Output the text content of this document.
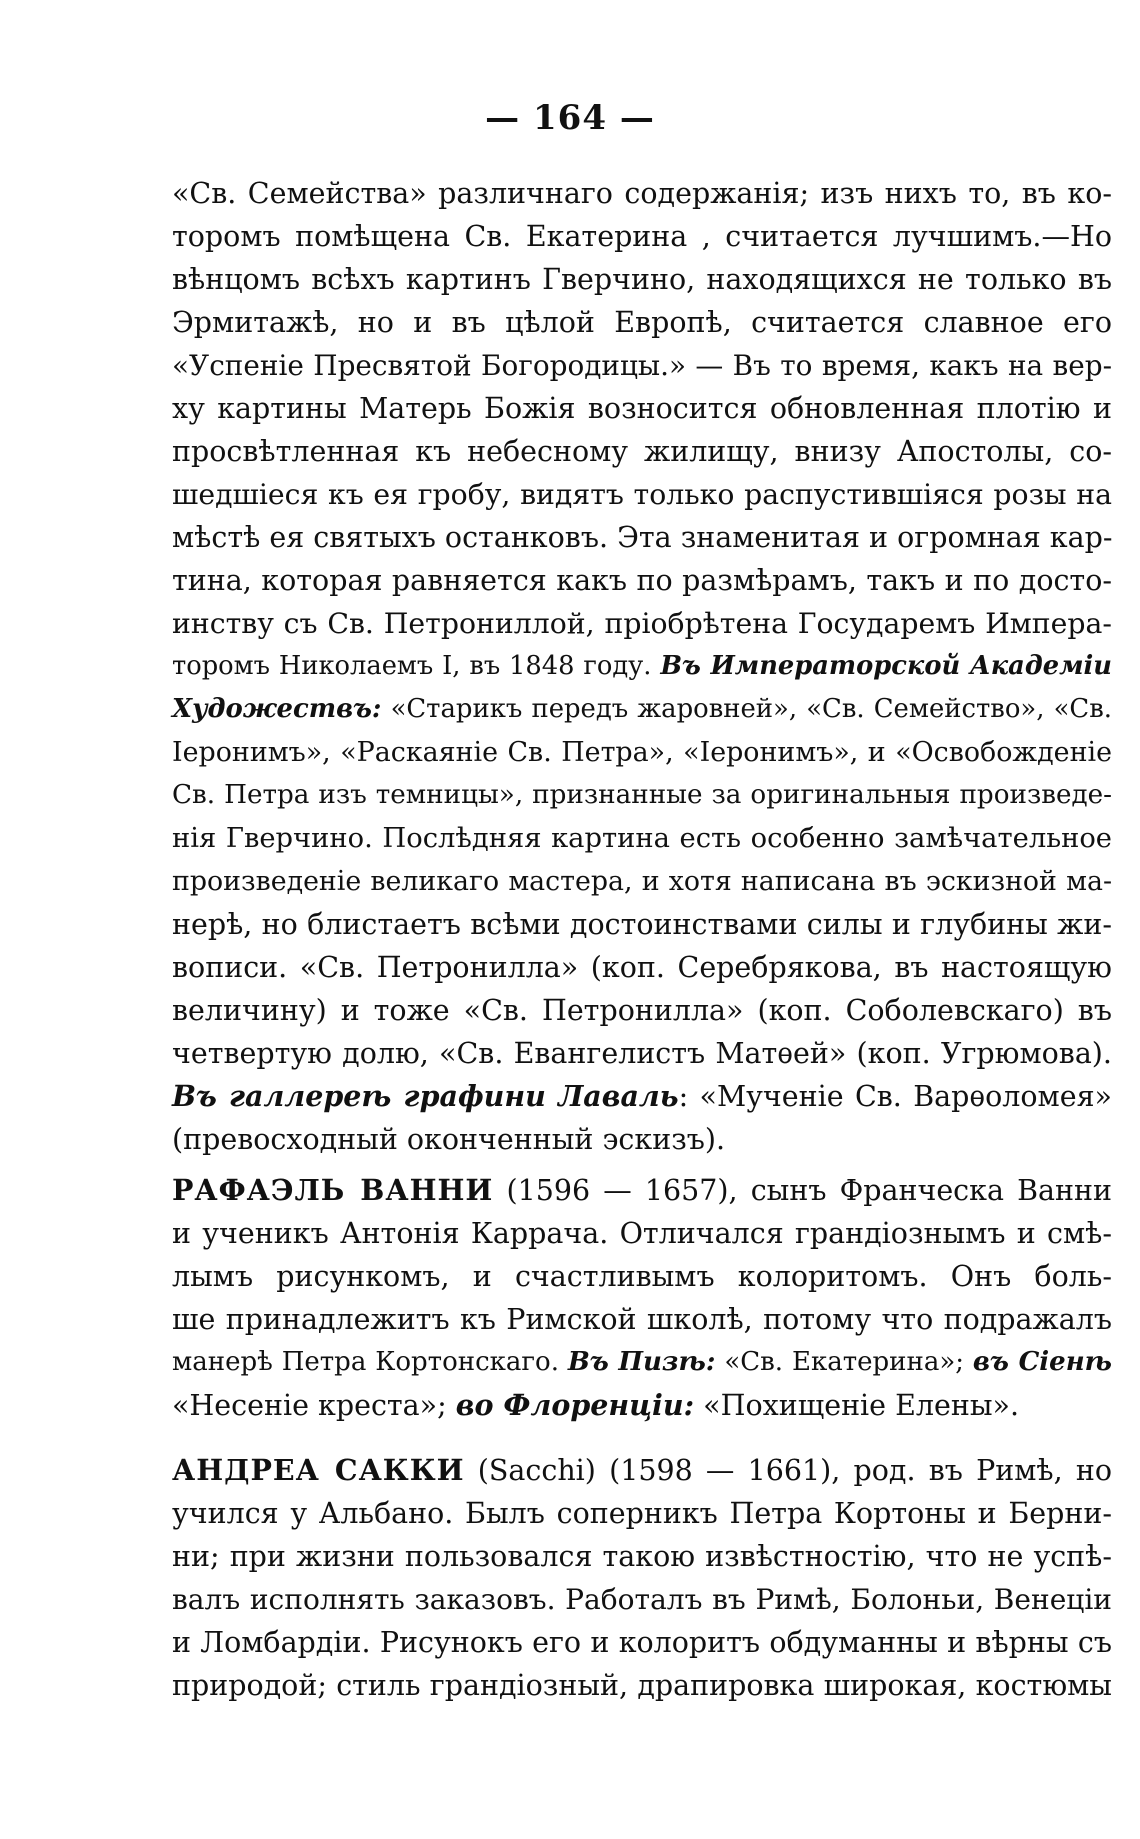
— 164 —
«Св. Семейства» различнаго содержанія; изъ нихъ то, въ ко-
торомъ помѣщена Св. Екатерина , считается лучшимъ.—Но
вѣнцомъ всѣхъ картинъ Гверчино, находящихся не только въ
Эрмитажѣ, но и въ цѣлой Европѣ, считается славное его
«Успеніе Пресвятой Богородицы.» — Въ то время, какъ на вер-
ху картины Матерь Божія возносится обновленная плотію и
просвѣтленная къ небесному жилищу, внизу Апостолы, со-
шедшіеся къ ея гробу, видятъ только распустившіяся розы на
мѣстѣ ея святыхъ останковъ. Эта знаменитая и огромная кар-
тина, которая равняется какъ по размѣрамъ, такъ и по досто-
инству съ Св. Петрониллой, пріобрѣтена Государемъ Импера-
торомъ Николаемъ I, въ 1848 году. Въ Императорской Академіи
Художествъ: «Старикъ передъ жаровней», «Св. Семейство», «Св.
Іеронимъ», «Раскаяніе Св. Петра», «Іеронимъ», и «Освобожденіе
Св. Петра изъ темницы», признанные за оригинальныя произведе-
нія Гверчино. Послѣдняя картина есть особенно замѣчательное
произведеніе великаго мастера, и хотя написана въ эскизной ма-
нерѣ, но блистаетъ всѣми достоинствами силы и глубины жи-
вописи. «Св. Петронилла» (коп. Серебрякова, въ настоящую
величину) и тоже «Св. Петронилла» (коп. Соболевскаго) въ
четвертую долю, «Св. Евангелистъ Матѳей» (коп. Угрюмова).
Въ галлереѣ графини Лаваль: «Мученіе Св. Варѳоломея»
(превосходный оконченный эскизъ).
РАФАЭЛЬ ВАННИ (1596 — 1657), сынъ Франческа Ванни
и ученикъ Антонія Каррача. Отличался грандіознымъ и смѣ-
лымъ рисункомъ, и счастливымъ колоритомъ. Онъ боль-
ше принадлежитъ къ Римской школѣ, потому что подражалъ
манерѣ Петра Кортонскаго. Въ Пизѣ: «Св. Екатерина»; въ Сіенѣ
«Несеніе креста»; во Флоренціи: «Похищеніе Елены».
АНДРЕА САККИ (Sacchi) (1598 — 1661), род. въ Римѣ, но
учился у Альбано. Былъ соперникъ Петра Кортоны и Берни-
ни; при жизни пользовался такою извѣстностію, что не успѣ-
валъ исполнять заказовъ. Работалъ въ Римѣ, Болоньи, Венеціи
и Ломбардіи. Рисунокъ его и колоритъ обдуманны и вѣрны съ
природой; стиль грандіозный, драпировка широкая, костюмы
